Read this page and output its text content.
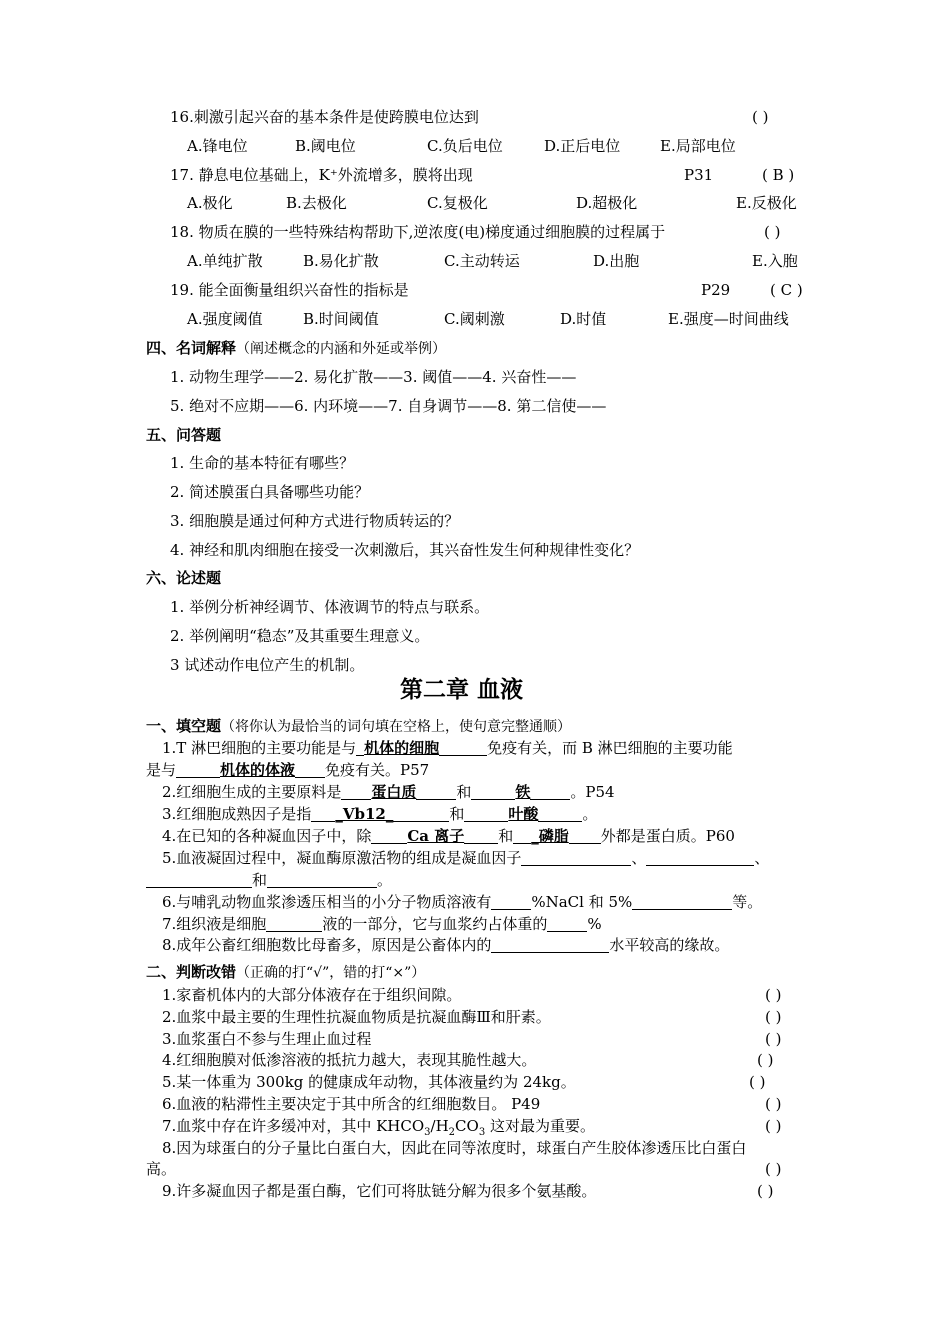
16.刺激引起兴奋的基本条件是使跨膜电位达到	( )
A.锋电位	B.阈电位	C.负后电位	D.正后电位	E.局部电位
17. 静息电位基础上，K⁺外流增多，膜将出现	P31	( B )
A.极化	B.去极化	C.复极化	D.超极化	E.反极化
18. 物质在膜的一些特殊结构帮助下,逆浓度(电)梯度通过细胞膜的过程属于	( )
A.单纯扩散	B.易化扩散	C.主动转运	D.出胞	E.入胞
19. 能全面衡量组织兴奋性的指标是	P29	( C )
A.强度阈值	B.时间阈值	C.阈刺激	D.时值	E.强度—时间曲线
四、名词解释（阐述概念的内涵和外延或举例）
1. 动物生理学——2. 易化扩散——3. 阈值——4. 兴奋性——
5. 绝对不应期——6. 内环境——7. 自身调节——8. 第二信使——
五、问答题
1. 生命的基本特征有哪些？
2. 简述膜蛋白具备哪些功能？
3. 细胞膜是通过何种方式进行物质转运的？
4. 神经和肌肉细胞在接受一次刺激后，其兴奋性发生何种规律性变化？
六、论述题
1. 举例分析神经调节、体液调节的特点与联系。
2. 举例阐明“稳态”及其重要生理意义。
3 试述动作电位产生的机制。
第二章 血液
一、填空题（将你认为最恰当的词句填在空格上，使句意完整通顺）
1.T 淋巴细胞的主要功能是与 机体的细胞	免疫有关，而 B 淋巴细胞的主要功能
是与	机体的体液 免疫有关。P57
2.红细胞生成的主要原料是 蛋白质	和	铁	。P54
3.红细胞成熟因子是指 _Vb12_	和	叶酸	。
4.在已知的各种凝血因子中，除 Ca 离子 和 _磷脂 外都是蛋白质。P60
5.血液凝固过程中，凝血酶原激活物的组成是凝血因子	、	、
和	。
6.与哺乳动物血浆渗透压相当的小分子物质溶液有	%NaCl 和 5%	等。
7.组织液是细胞	液的一部分，它与血浆约占体重的	%
8.成年公畜红细胞数比母畜多，原因是公畜体内的	水平较高的缘故。
二、判断改错（正确的打“√”，错的打“×”）
1.家畜机体内的大部分体液存在于组织间隙。	( )
2.血浆中最主要的生理性抗凝血物质是抗凝血酶Ⅲ和肝素。	( )
3.血浆蛋白不参与生理止血过程	( )
4.红细胞膜对低渗溶液的抵抗力越大，表现其脆性越大。	( )
5.某一体重为 300kg 的健康成年动物，其体液量约为 24kg。	( )
6.血液的粘滞性主要决定于其中所含的红细胞数目。 P49	( )
7.血浆中存在许多缓冲对，其中 $KHCO_3/H_2CO_3$ 这对最为重要。	( )
8.因为球蛋白的分子量比白蛋白大，因此在同等浓度时，球蛋白产生胶体渗透压比白蛋白
高。	( )
9.许多凝血因子都是蛋白酶，它们可将肽链分解为很多个氨基酸。	( )
